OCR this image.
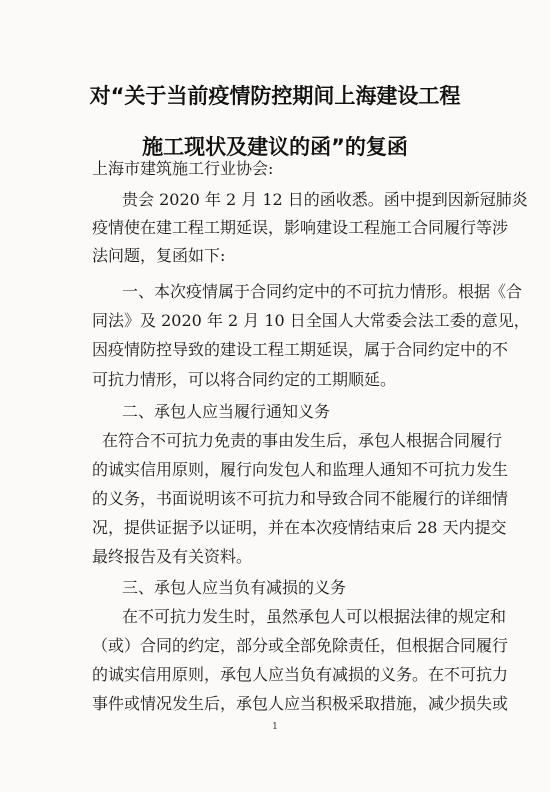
对“关于当前疫情防控期间上海建设工程
施工现状及建议的函”的复函
上海市建筑施工行业协会:
贵会 2020 年 2 月 12 日的函收悉。函中提到因新冠肺炎
疫情使在建工程工期延误，影响建设工程施工合同履行等涉
法问题，复函如下:
一、本次疫情属于合同约定中的不可抗力情形。根据《合
同法》及 2020 年 2 月 10 日全国人大常委会法工委的意见，
因疫情防控导致的建设工程工期延误，属于合同约定中的不
可抗力情形，可以将合同约定的工期顺延。
二、承包人应当履行通知义务
在符合不可抗力免责的事由发生后，承包人根据合同履行
的诚实信用原则，履行向发包人和监理人通知不可抗力发生
的义务，书面说明该不可抗力和导致合同不能履行的详细情
况，提供证据予以证明，并在本次疫情结束后 28 天内提交
最终报告及有关资料。
三、承包人应当负有减损的义务
在不可抗力发生时，虽然承包人可以根据法律的规定和
（或）合同的约定，部分或全部免除责任，但根据合同履行
的诚实信用原则，承包人应当负有减损的义务。在不可抗力
事件或情况发生后，承包人应当积极采取措施，减少损失或
1
